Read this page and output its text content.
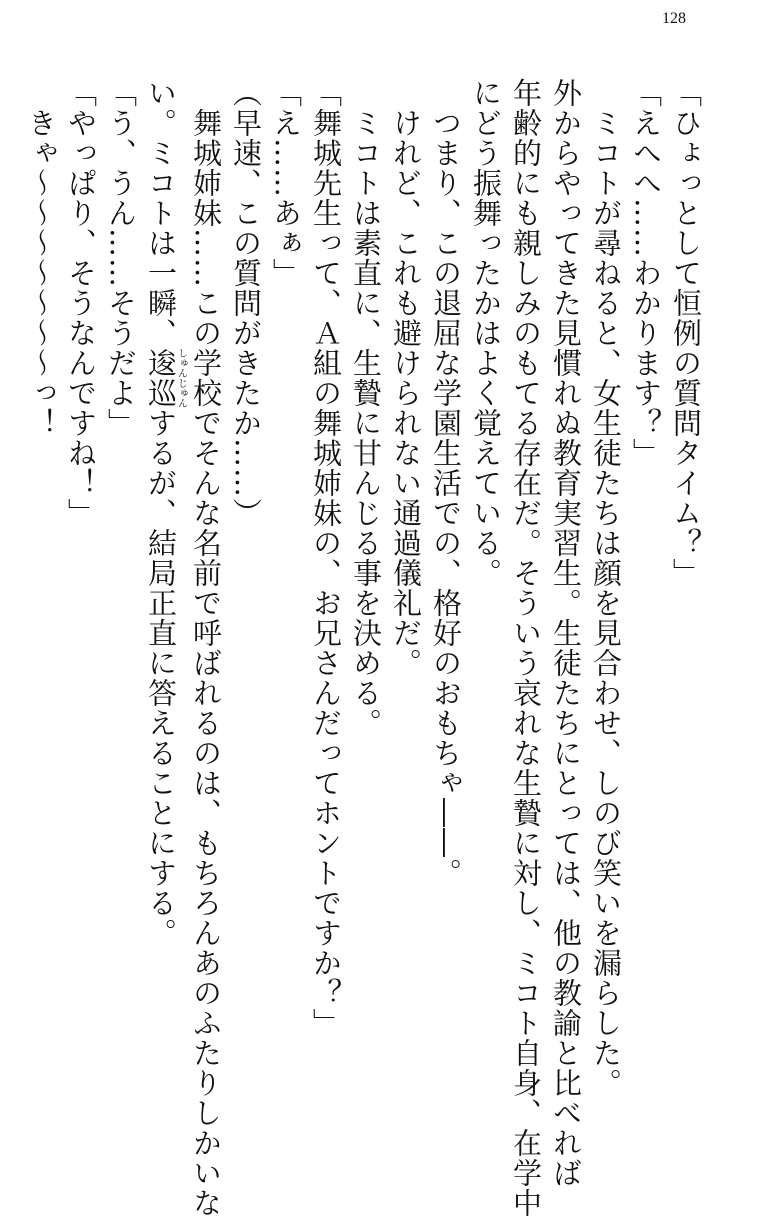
128
「ひょっとして恒例の質問タイム？」
「えへへ……わかります？」
　ミコトが尋ねると、女生徒たちは顔を見合わせ、しのび笑いを漏らした。
外からやってきた見慣れぬ教育実習生。生徒たちにとっては、他の教諭と比べれば
年齢的にも親しみのもてる存在だ。そういう哀れな生贄に対し、ミコト自身、在学中
にどう振舞ったかはよく覚えている。
　つまり、この退屈な学園生活での、格好のおもちゃ――。
　けれど、これも避けられない通過儀礼だ。
　ミコトは素直に、生贄に甘んじる事を決める。
「舞城先生って、Ａ組の舞城姉妹の、お兄さんだってホントですか？」
「え……あぁ」
（早速、この質問がきたか……）
　舞城姉妹……この学校でそんな名前で呼ばれるのは、もちろんあのふたりしかいな
い。ミコトは一瞬、逡巡しゅんじゅんするが、結局正直に答えることにする。
「う、うん……そうだよ」
「やっぱり、そうなんですね！」
　きゃ～～～～～～～っ！
